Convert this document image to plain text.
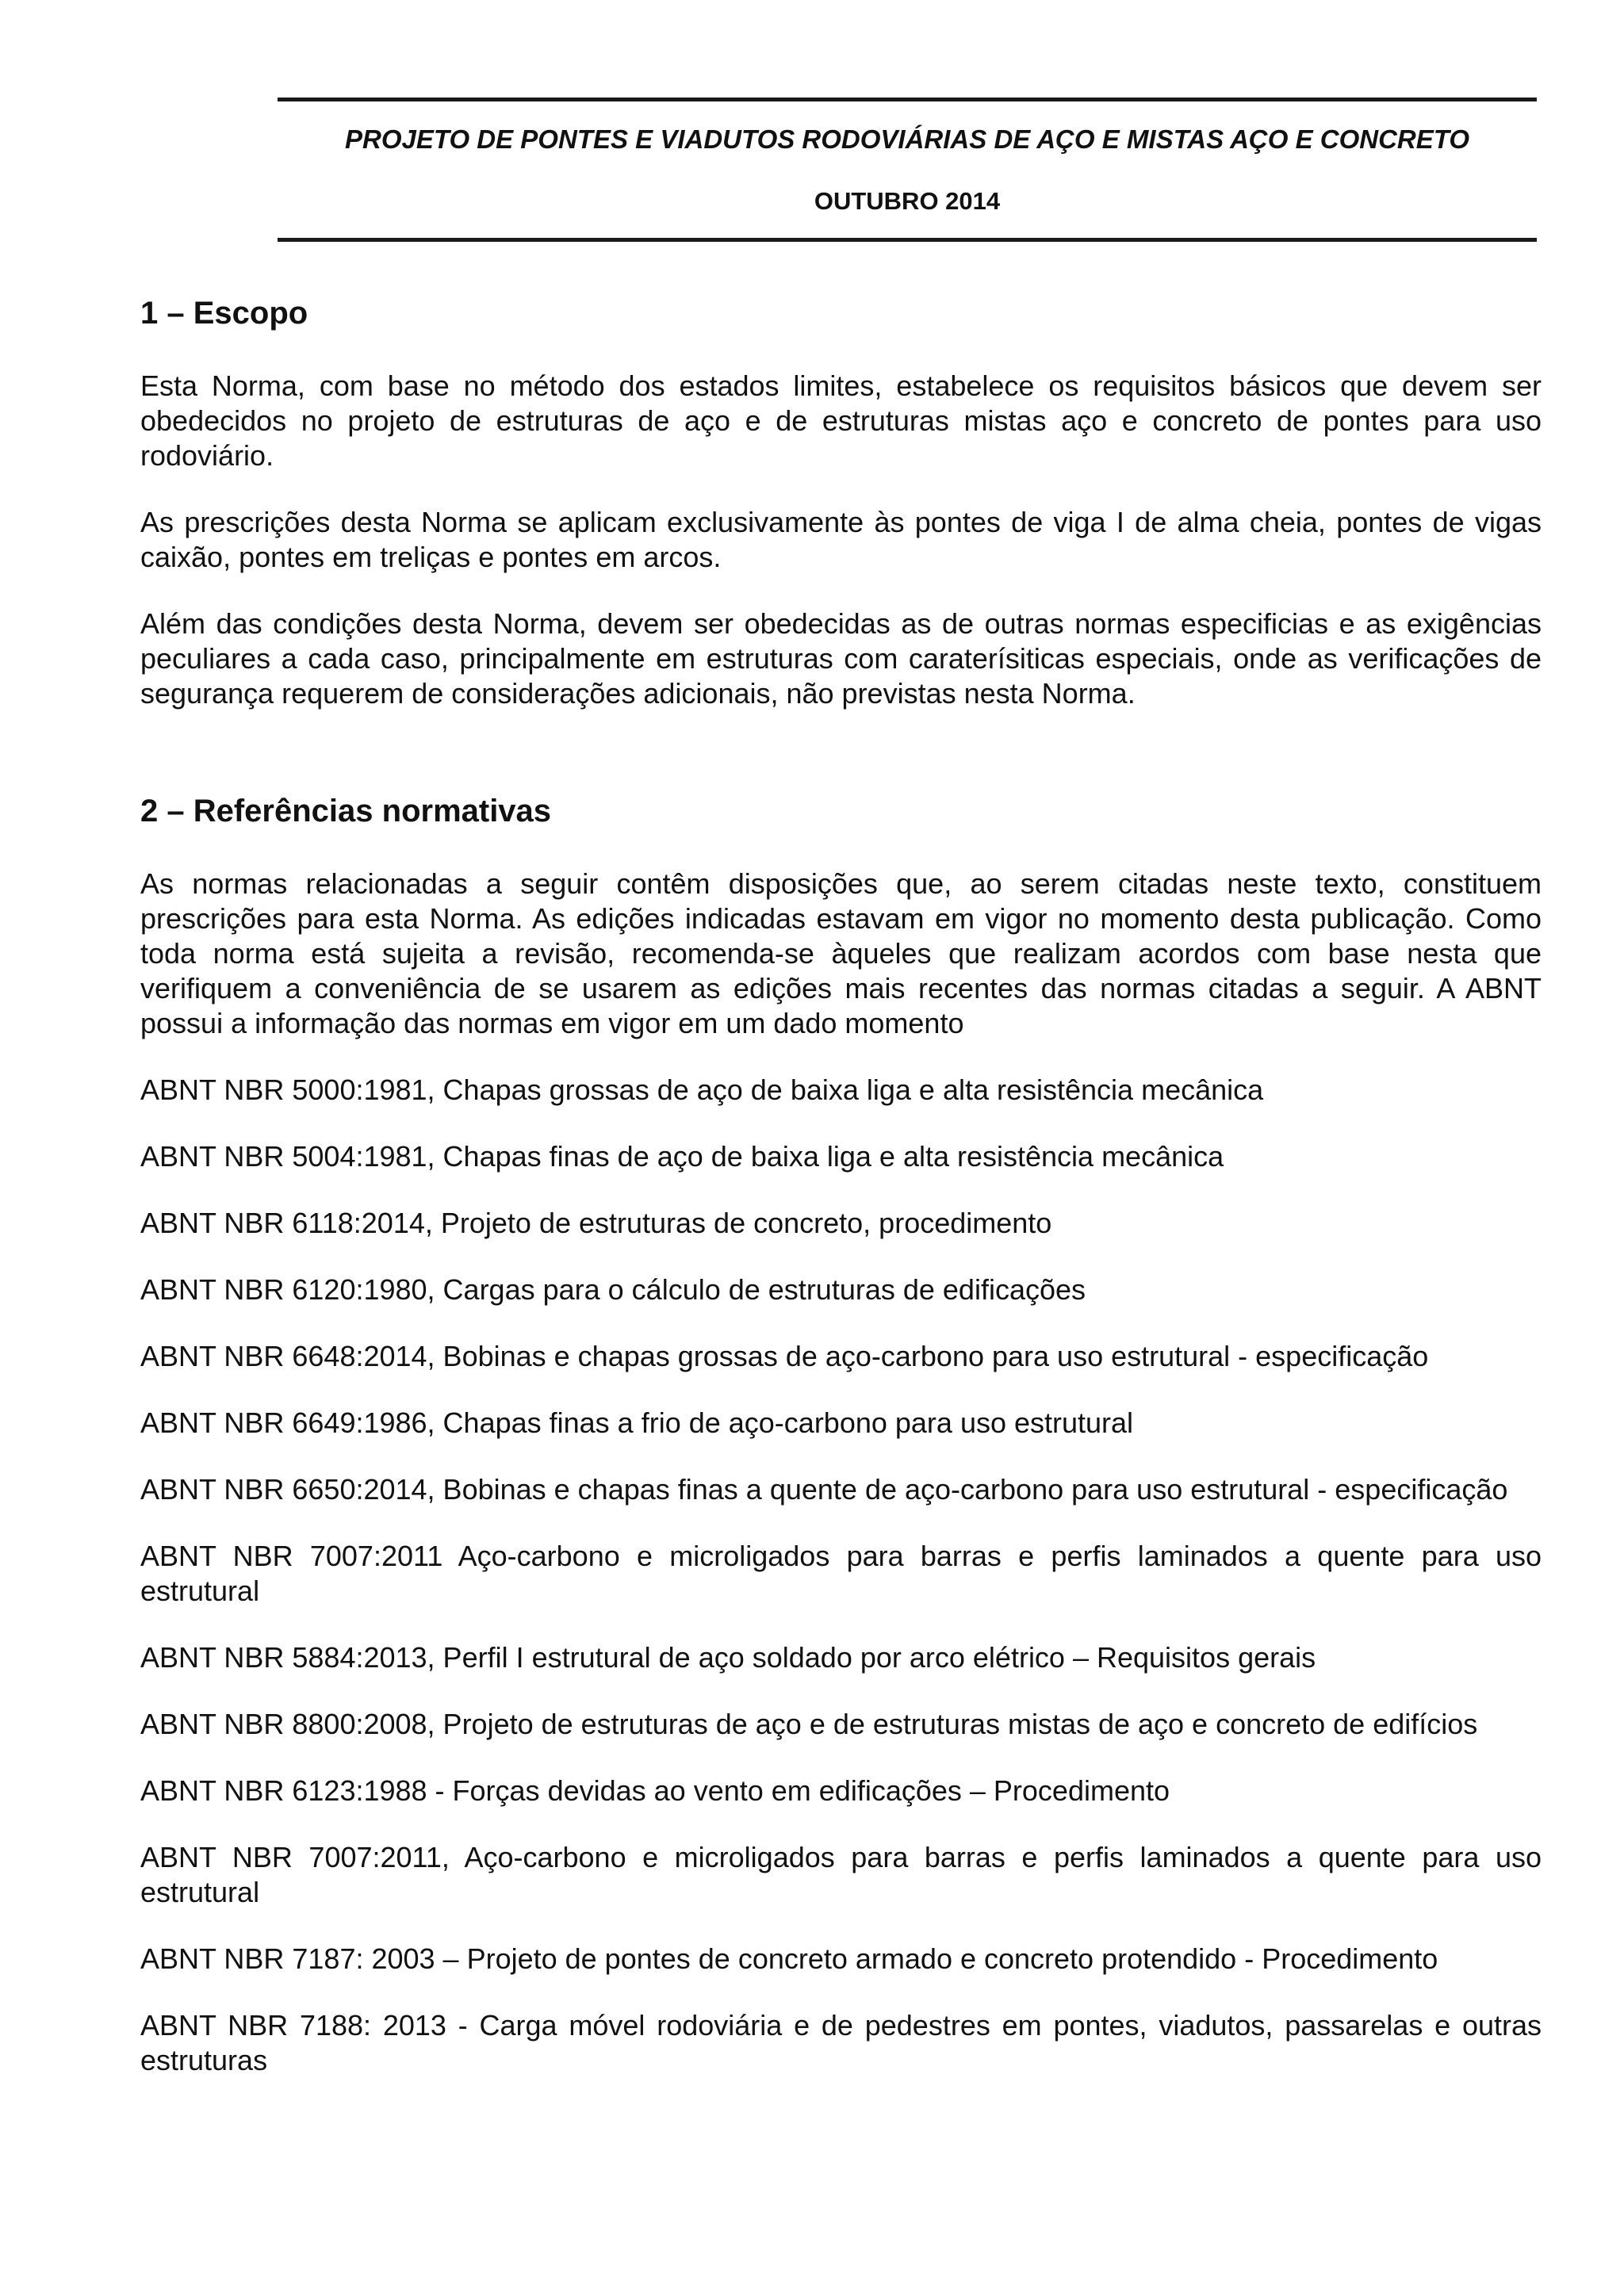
PROJETO DE PONTES E VIADUTOS RODOVIÁRIAS DE AÇO E MISTAS AÇO E CONCRETO
OUTUBRO 2014
1 – Escopo

Esta Norma, com base no método dos estados limites, estabelece os requisitos básicos que devem ser obedecidos no projeto de estruturas de aço e de estruturas mistas aço e concreto de pontes para uso rodoviário.

As prescrições desta Norma se aplicam exclusivamente às pontes de viga I de alma cheia, pontes de vigas caixão, pontes em treliças e pontes em arcos.

Além das condições desta Norma, devem ser obedecidas as de outras normas especificias e as exigências peculiares a cada caso, principalmente em estruturas com caraterísiticas especiais, onde as verificações de segurança requerem de considerações adicionais, não previstas nesta Norma.

2 – Referências normativas

As normas relacionadas a seguir contêm disposições que, ao serem citadas neste texto, constituem prescrições para esta Norma. As edições indicadas estavam em vigor no momento desta publicação. Como toda norma está sujeita a revisão, recomenda-se àqueles que realizam acordos com base nesta que verifiquem a conveniência de se usarem as edições mais recentes das normas citadas a seguir. A ABNT possui a informação das normas em vigor em um dado momento

ABNT NBR 5000:1981, Chapas grossas de aço de baixa liga e alta resistência mecânica

ABNT NBR 5004:1981, Chapas finas de aço de baixa liga e alta resistência mecânica

ABNT NBR 6118:2014, Projeto de estruturas de concreto, procedimento

ABNT NBR 6120:1980, Cargas para o cálculo de estruturas de edificações

ABNT NBR 6648:2014, Bobinas e chapas grossas de aço-carbono para uso estrutural - especificação

ABNT NBR 6649:1986, Chapas finas a frio de aço-carbono para uso estrutural

ABNT NBR 6650:2014, Bobinas e chapas finas a quente de aço-carbono para uso estrutural - especificação

ABNT NBR 7007:2011 Aço-carbono e microligados para barras e perfis laminados a quente para uso estrutural

ABNT NBR 5884:2013, Perfil I estrutural de aço soldado por arco elétrico – Requisitos gerais

ABNT NBR 8800:2008, Projeto de estruturas de aço e de estruturas mistas de aço e concreto de edifícios

ABNT NBR 6123:1988 - Forças devidas ao vento em edificações – Procedimento

ABNT NBR 7007:2011, Aço-carbono e microligados para barras e perfis laminados a quente para uso estrutural

ABNT NBR 7187: 2003 – Projeto de pontes de concreto armado e concreto protendido - Procedimento

ABNT NBR 7188: 2013 - Carga móvel rodoviária e de pedestres em pontes, viadutos, passarelas e outras estruturas
